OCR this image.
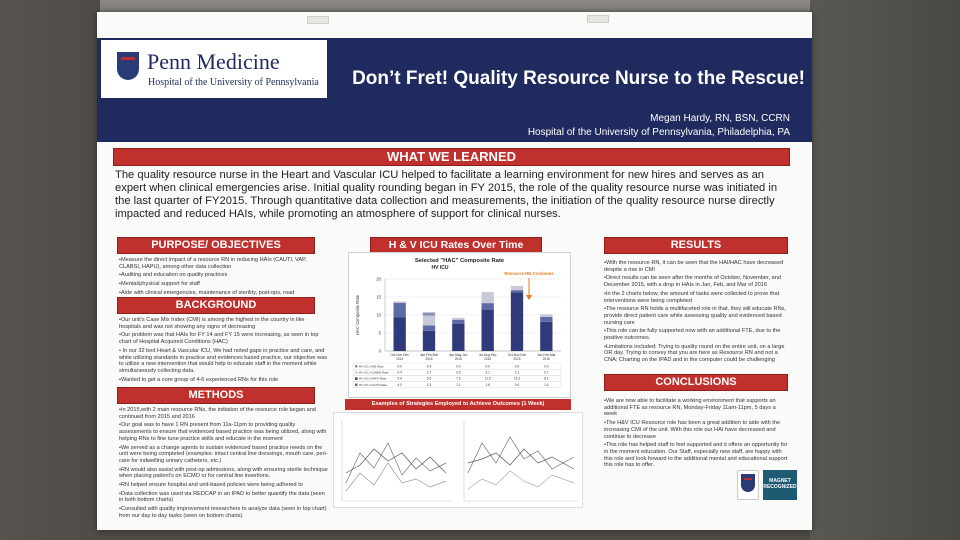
Penn Medicine
Hospital of the University of Pennsylvania	Don’t Fret! Quality Resource Nurse to the Rescue!
Megan Hardy, RN, BSN, CCRN
Hospital of the University of Pennsylvania, Philadelphia, PA
WHAT WE LEARNED
The quality resource nurse in the Heart and Vascular ICU helped to facilitate a learning environment for new hires and serves as an expert when clinical emergencies arise. Initial quality rounding began in FY 2015, the role of the quality resource nurse was initiated in the last quarter of FY2015. Through quantitative data collection and measurements, the initiation of the quality resource nurse directly impacted and reduced HAIs, while promoting an atmosphere of support for clinical nurses.
PURPOSE/ OBJECTIVES

•Measure the direct impact of a resource RN in reducing HAIs (CAUTI, VAP, CLABSI, HAPU), among other data collection

•Auditing and education on quality practices

•Mental/physical support for staff

•Aide with clinical emergencies, maintenance of sterility, post-ops, road

BACKGROUND

•Our unit's Case Mix Index (CMI) is among the highest in the country in like hospitals and was not showing any signs of decreasing

•Our problem was that HAIs for FY 14 and FY 15 were increasing, as seen in top chart of Hospital Acquired Conditions (HAC)

• In our 32 bed Heart & Vascular ICU, We had noted gaps in practice and care, and while utilizing standards in practice and evidences based practice, our objective was to utilize a new intervention that would help to educate staff in the moment while simultaneously collecting data.

•Wanted to get a core group of 4-6 experienced RNs for this role

METHODS

•In 2015,with 2 main resource RNs, the initiation of the resource role began and continued from 2015 and 2016

•Our goal was to have 1 RN present from 11a-11pm to providing quality assessments to ensure that evidenced based practice was being utilized, along with helping RNs to fine tune practice skills and educate in the moment

•We served as a change agents to sustain evidenced based practice needs on the unit were being completed (examples: intact central line dressings, mouth care, peri-care for indwelling urinary catheters, etc.)

•RN would also assist with post-op admissions, along with ensuring sterile technique when placing patient's on ECMO or for central line insertions.

•RN helped ensure hospital and unit-based policies were being adhered to

•Data collection was used via REDCAP in an IPAD to better quantify the data (seen in both bottom charts)

•Consulted with quality improvement researchers to analyze data (seen in top chart) from our day to day tasks (seen on bottom charts)

H & V ICU Rates Over Time
Selected "HAC" Composite Rate
HV ICU
0
5
10
15
20
HAC Composite Rate
Oct-Nov-Dec
2014
Jan-Feb-Mar
2015
Apr-May-Jun
2015
Jul-Aug-Sep
2015
Oct-Nov-Dec
2015
Jan-Feb-Mar
2016
HV ICU VAE Rate	0.0	0.9	0.0	0.0	0.0	0.0
HV ICU CLABSI Rate	0.4	2.7	0.5	3.1	1.2	0.7
HV ICU HAPU Rate	9.4	5.6	7.6	11.5	16.3	8.1
HV ICU CAUTI Rate	4.0	1.5	1.1	1.8	0.6	1.4
Resource RN Continues
Examples of Strategies Employed to Achieve Outcomes (1 Week)
RESULTS

•With the resource RN, it can be seen that the HAI/HAC have decreased despite a rise in CMI

•Direct results can be seen after the months of October, November, and December 2015, with a drop in HAIs in Jan, Feb, and Mar of 2016

•In the 2 charts below, the amount of tasks were collected to prove that interventions were being completed

•The resource RN holds a multifaceted role in that, they will educate RNs, provide direct patient care while assessing quality and evidenced based nursing care

•This role can be fully supported now with an additional FTE, due to the positive outcomes.

•Limitations included: Trying to quality round on the entire unit, on a large OR day. Trying to convey that you are here as Resource RN and not a CNA; Charting on the IPAD and in the computer could be challenging

CONCLUSIONS

•We are now able to facilitate a working environment that supports an additional FTE as resource RN, Monday-Friday 11am-11pm, 5 days a week

•The H&V ICU Resource role has been a great addition to aide with the increasing CMI of the unit. With this role our HAI have decreased and continue to decrease

•This role has helped staff to feel supported and it offers an opportunity for in the moment education. Our Staff, especially new staff, are happy with this role and look forward to the additional mental and educational support this role has to offer.

MAGNET RECOGNIZED
